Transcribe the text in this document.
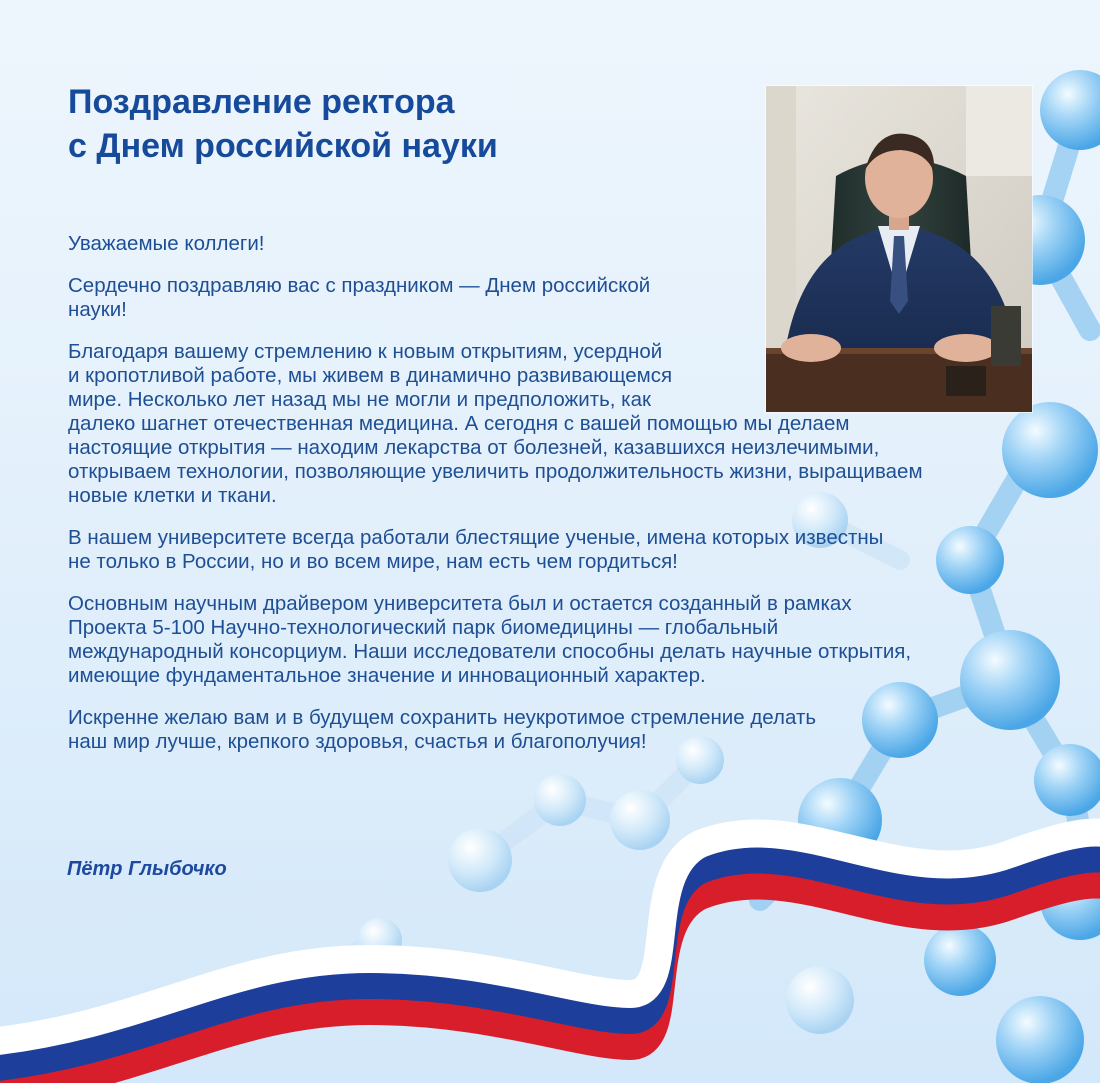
Поздравление ректора
с Днем российской науки

Уважаемые коллеги!

Сердечно поздравляю вас с праздником — Днем российской
науки!

Благодаря вашему стремлению к новым открытиям, усердной
и кропотливой работе, мы живем в динамично развивающемся
мире. Несколько лет назад мы не могли и предположить, как
далеко шагнет отечественная медицина. А сегодня с вашей помощью мы делаем
настоящие открытия — находим лекарства от болезней, казавшихся неизлечимыми,
открываем технологии, позволяющие увеличить продолжительность жизни, выращиваем
новые клетки и ткани.

В нашем университете всегда работали блестящие ученые, имена которых известны
не только в России, но и во всем мире, нам есть чем гордиться!

Основным научным драйвером университета был и остается созданный в рамках
Проекта 5-100 Научно-технологический парк биомедицины — глобальный
международный консорциум. Наши исследователи способны делать научные открытия,
имеющие фундаментальное значение и инновационный характер.

Искренне желаю вам и в будущем сохранить неукротимое стремление делать
наш мир лучше, крепкого здоровья, счастья и благополучия!

Пётр Глыбочко
